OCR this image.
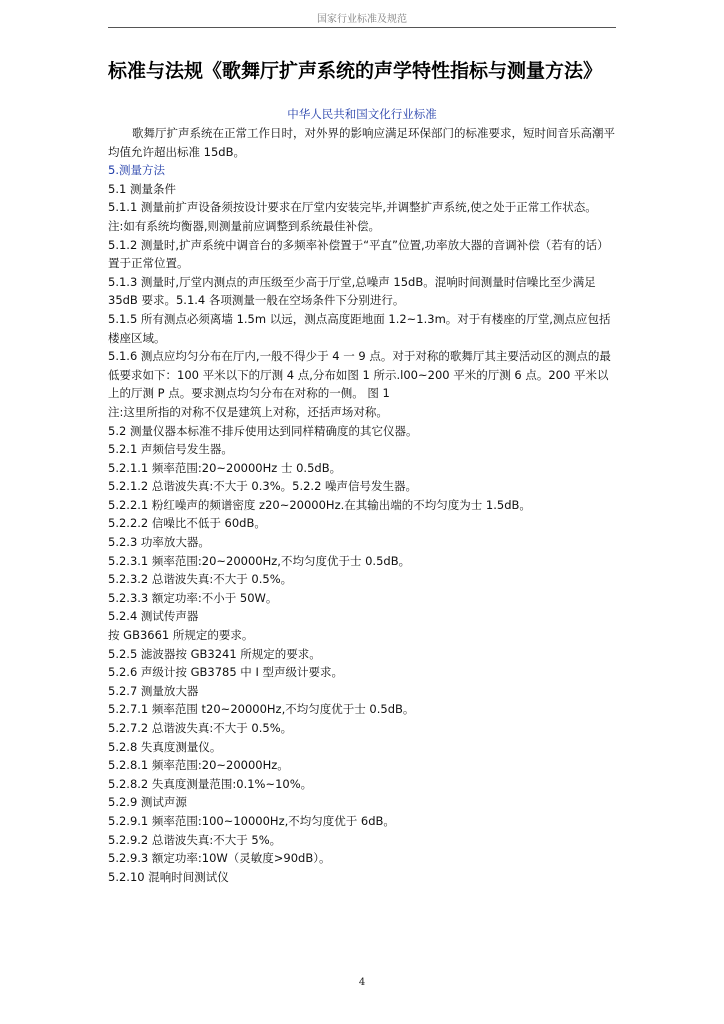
国家行业标准及规范
标准与法规《歌舞厅扩声系统的声学特性指标与测量方法》
中华人民共和国文化行业标准

歌舞厅扩声系统在正常工作日时，对外界的影响应满足环保部门的标准要求，短时间音乐高潮平均值允许超出标准 15dB。

5.测量方法

5.1 测量条件

5.1.1 测量前扩声设备须按设计要求在厅堂内安装完毕,并调整扩声系统,使之处于正常工作状态。

注:如有系统均衡器,则测量前应调整到系统最佳补偿。

5.1.2 测量时,扩声系统中调音台的多频率补偿置于“平直”位置,功率放大器的音调补偿（若有的话）置于正常位置。

5.1.3 测量时,厅堂内测点的声压级至少高于厅堂,总噪声 15dB。混响时间测量时信噪比至少满足 35dB 要求。5.1.4 各项测量一般在空场条件下分别进行。

5.1.5 所有测点必须离墙 1.5m 以远，测点高度距地面 1.2~1.3m。对于有楼座的厅堂,测点应包括楼座区域。

5.1.6 测点应均匀分布在厅内,一般不得少于 4 一 9 点。对于对称的歌舞厅其主要活动区的测点的最低要求如下：100 平米以下的厅测 4 点,分布如图 1 所示.l00~200 平米的厅测 6 点。200 平米以上的厅测 P 点。要求测点均匀分布在对称的一侧。 图 1

注:这里所指的对称不仅是建筑上对称，还括声场对称。

5.2 测量仪器本标准不排斥使用达到同样精确度的其它仪器。

5.2.1 声频信号发生器。

5.2.1.1 频率范围:20~20000Hz 士 0.5dB。

5.2.1.2 总谐波失真:不大于 0.3%。5.2.2 噪声信号发生器。

5.2.2.1 粉红噪声的频谱密度 z20~20000Hz.在其输出端的不均匀度为士 1.5dB。

5.2.2.2 信噪比不低于 60dB。

5.2.3 功率放大器。

5.2.3.1 频率范围:20~20000Hz,不均匀度优于士 0.5dB。

5.2.3.2 总谐波失真:不大于 0.5%。

5.2.3.3 额定功率:不小于 50W。

5.2.4 测试传声器

按 GB3661 所规定的要求。

5.2.5 滤波器按 GB3241 所规定的要求。

5.2.6 声级计按 GB3785 中 I 型声级计要求。

5.2.7 测量放大器

5.2.7.1 频率范围 t20~20000Hz,不均匀度优于士 0.5dB。

5.2.7.2 总谐波失真:不大于 0.5%。

5.2.8 失真度测量仪。

5.2.8.1 频率范围:20~20000Hz。

5.2.8.2 失真度测量范围:0.1%~10%。

5.2.9 测试声源

5.2.9.1 频率范围:100~10000Hz,不均匀度优于 6dB。

5.2.9.2 总谐波失真:不大于 5%。

5.2.9.3 额定功率:10W（灵敏度>90dB）。

5.2.10 混响时间测试仪

4
